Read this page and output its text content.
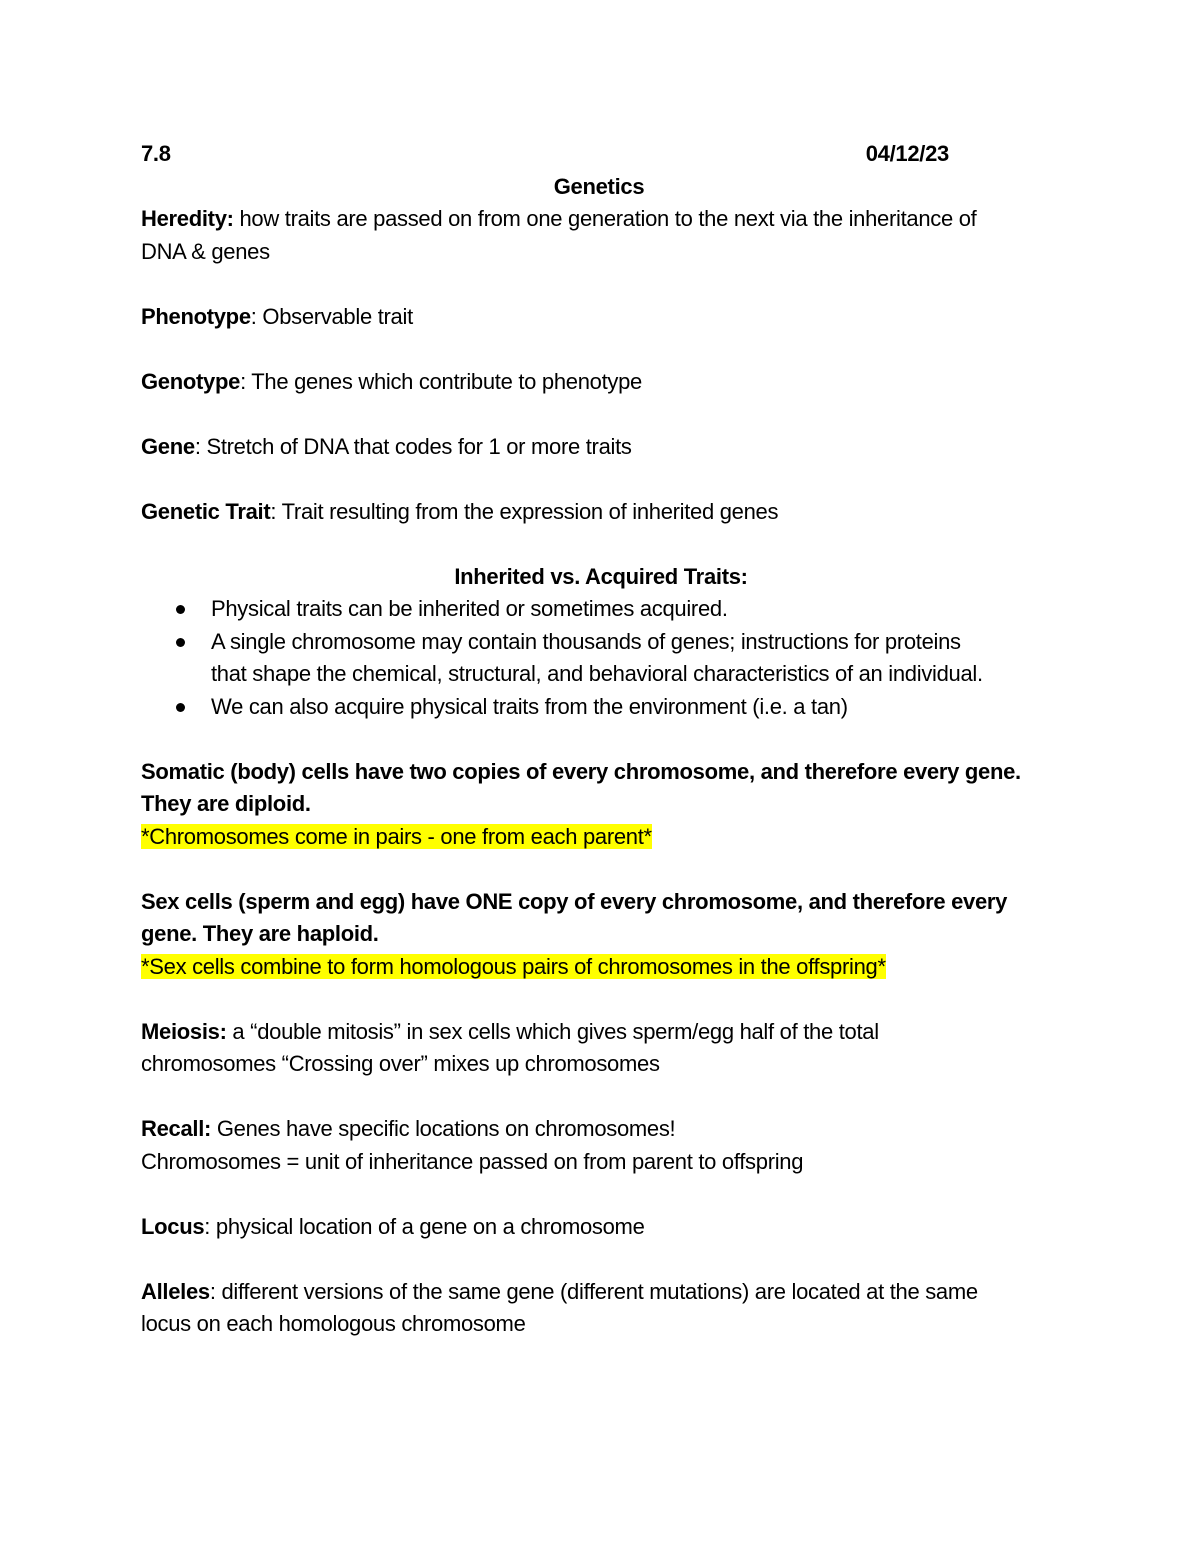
7.8	04/12/23
Genetics
Heredity: how traits are passed on from one generation to the next via the inheritance of
DNA & genes
Phenotype: Observable trait
Genotype: The genes which contribute to phenotype
Gene: Stretch of DNA that codes for 1 or more traits
Genetic Trait: Trait resulting from the expression of inherited genes
Inherited vs. Acquired Traits:
Physical traits can be inherited or sometimes acquired.
A single chromosome may contain thousands of genes; instructions for proteins
that shape the chemical, structural, and behavioral characteristics of an individual.
We can also acquire physical traits from the environment (i.e. a tan)
Somatic (body) cells have two copies of every chromosome, and therefore every gene.
They are diploid.
*Chromosomes come in pairs - one from each parent*
Sex cells (sperm and egg) have ONE copy of every chromosome, and therefore every
gene. They are haploid.
*Sex cells combine to form homologous pairs of chromosomes in the offspring*
Meiosis: a “double mitosis” in sex cells which gives sperm/egg half of the total
chromosomes “Crossing over” mixes up chromosomes
Recall: Genes have specific locations on chromosomes!
Chromosomes = unit of inheritance passed on from parent to offspring
Locus: physical location of a gene on a chromosome
Alleles: different versions of the same gene (different mutations) are located at the same
locus on each homologous chromosome
